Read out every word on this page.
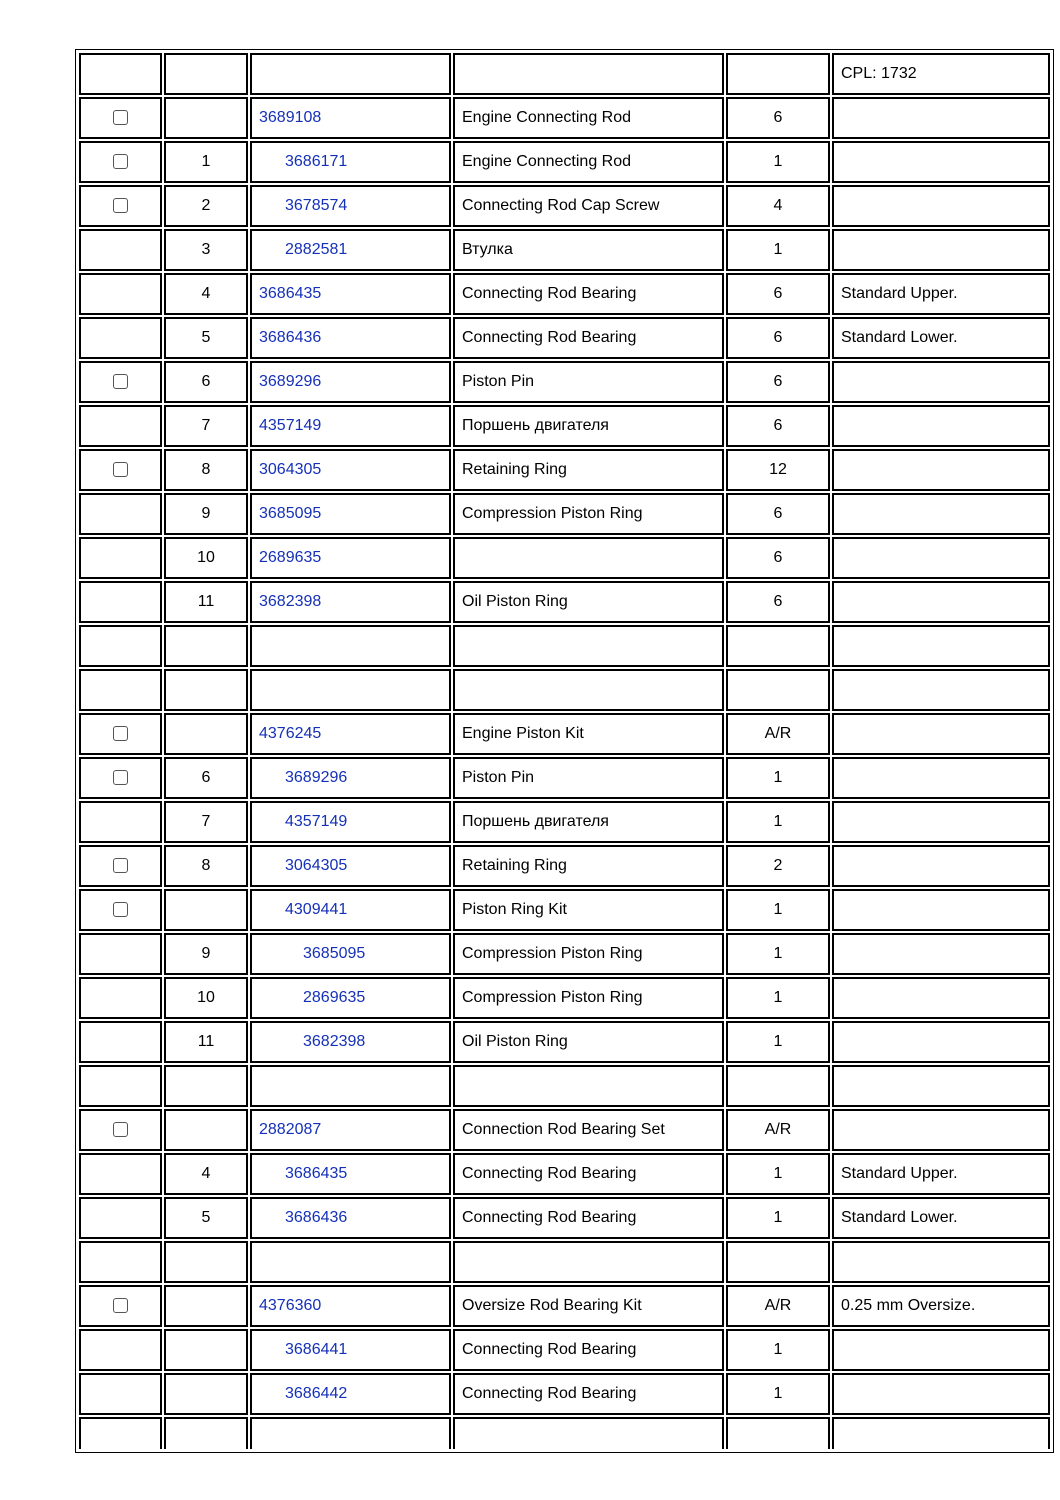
					CPL: 1732
		3689108	Engine Connecting Rod	6	
	1	3686171	Engine Connecting Rod	1	
	2	3678574	Connecting Rod Cap Screw	4	
	3	2882581	Втулка	1	
	4	3686435	Connecting Rod Bearing	6	Standard Upper.
	5	3686436	Connecting Rod Bearing	6	Standard Lower.
	6	3689296	Piston Pin	6	
	7	4357149	Поршень двигателя	6	
	8	3064305	Retaining Ring	12	
	9	3685095	Compression Piston Ring	6	
	10	2689635		6	
	11	3682398	Oil Piston Ring	6	

		4376245	Engine Piston Kit	A/R	
	6	3689296	Piston Pin	1	
	7	4357149	Поршень двигателя	1	
	8	3064305	Retaining Ring	2	
		4309441	Piston Ring Kit	1	
	9	3685095	Compression Piston Ring	1	
	10	2869635	Compression Piston Ring	1	
	11	3682398	Oil Piston Ring	1	

		2882087	Connection Rod Bearing Set	A/R	
	4	3686435	Connecting Rod Bearing	1	Standard Upper.
	5	3686436	Connecting Rod Bearing	1	Standard Lower.

		4376360	Oversize Rod Bearing Kit	A/R	0.25 mm Oversize.
		3686441	Connecting Rod Bearing	1	
		3686442	Connecting Rod Bearing	1	
